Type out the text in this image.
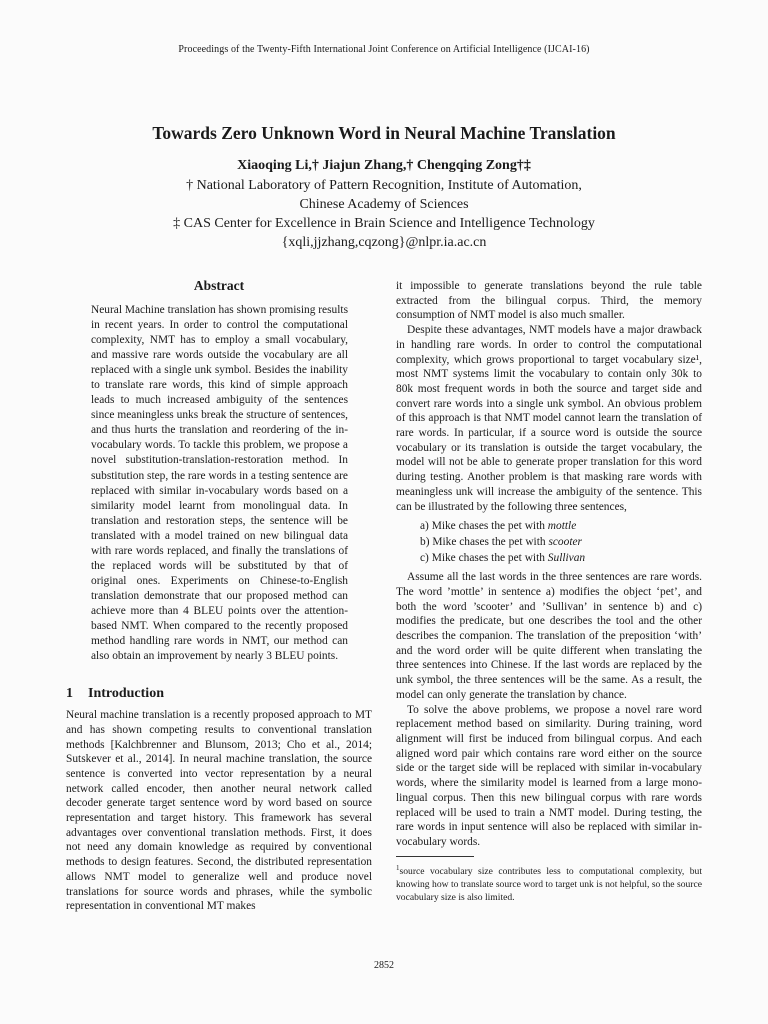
Proceedings of the Twenty-Fifth International Joint Conference on Artificial Intelligence (IJCAI-16)
Towards Zero Unknown Word in Neural Machine Translation
Xiaoqing Li,† Jiajun Zhang,† Chengqing Zong†‡
† National Laboratory of Pattern Recognition, Institute of Automation,
Chinese Academy of Sciences
‡ CAS Center for Excellence in Brain Science and Intelligence Technology
{xqli,jjzhang,cqzong}@nlpr.ia.ac.cn
Abstract

Neural Machine translation has shown promising results in recent years. In order to control the computational complexity, NMT has to employ a small vocabulary, and massive rare words outside the vocabulary are all replaced with a single unk symbol. Besides the inability to translate rare words, this kind of simple approach leads to much increased ambiguity of the sentences since meaningless unks break the structure of sentences, and thus hurts the translation and reordering of the in-vocabulary words. To tackle this problem, we propose a novel substitution-translation-restoration method. In substitution step, the rare words in a testing sentence are replaced with similar in-vocabulary words based on a similarity model learnt from monolingual data. In translation and restoration steps, the sentence will be translated with a model trained on new bilingual data with rare words replaced, and finally the translations of the replaced words will be substituted by that of original ones. Experiments on Chinese-to-English translation demonstrate that our proposed method can achieve more than 4 BLEU points over the attention-based NMT. When compared to the recently proposed method handling rare words in NMT, our method can also obtain an improvement by nearly 3 BLEU points.

1 Introduction

Neural machine translation is a recently proposed approach to MT and has shown competing results to conventional translation methods [Kalchbrenner and Blunsom, 2013; Cho et al., 2014; Sutskever et al., 2014]. In neural machine translation, the source sentence is converted into vector representation by a neural network called encoder, then another neural network called decoder generate target sentence word by word based on source representation and target history. This framework has several advantages over conventional translation methods. First, it does not need any domain knowledge as required by conventional methods to design features. Second, the distributed representation allows NMT model to generalize well and produce novel translations for source words and phrases, while the symbolic representation in conventional MT makes

it impossible to generate translations beyond the rule table extracted from the bilingual corpus. Third, the memory consumption of NMT model is also much smaller.

Despite these advantages, NMT models have a major drawback in handling rare words. In order to control the computational complexity, which grows proportional to target vocabulary size¹, most NMT systems limit the vocabulary to contain only 30k to 80k most frequent words in both the source and target side and convert rare words into a single unk symbol. An obvious problem of this approach is that NMT model cannot learn the translation of rare words. In particular, if a source word is outside the source vocabulary or its translation is outside the target vocabulary, the model will not be able to generate proper translation for this word during testing. Another problem is that masking rare words with meaningless unk will increase the ambiguity of the sentence. This can be illustrated by the following three sentences,

a) Mike chases the pet with mottle
b) Mike chases the pet with scooter
c) Mike chases the pet with Sullivan

Assume all the last words in the three sentences are rare words. The word ’mottle’ in sentence a) modifies the object ‘pet’, and both the word ’scooter’ and ’Sullivan’ in sentence b) and c) modifies the predicate, but one describes the tool and the other describes the companion. The translation of the preposition ‘with’ and the word order will be quite different when translating the three sentences into Chinese. If the last words are replaced by the unk symbol, the three sentences will be the same. As a result, the model can only generate the translation by chance.

To solve the above problems, we propose a novel rare word replacement method based on similarity. During training, word alignment will first be induced from bilingual corpus. And each aligned word pair which contains rare word either on the source side or the target side will be replaced with similar in-vocabulary words, where the similarity model is learned from a large mono-lingual corpus. Then this new bilingual corpus with rare words replaced will be used to train a NMT model. During testing, the rare words in input sentence will also be replaced with similar in-vocabulary words.

$^1$source vocabulary size contributes less to computational complexity, but knowing how to translate source word to target unk is not helpful, so the source vocabulary size is also limited.

2852
